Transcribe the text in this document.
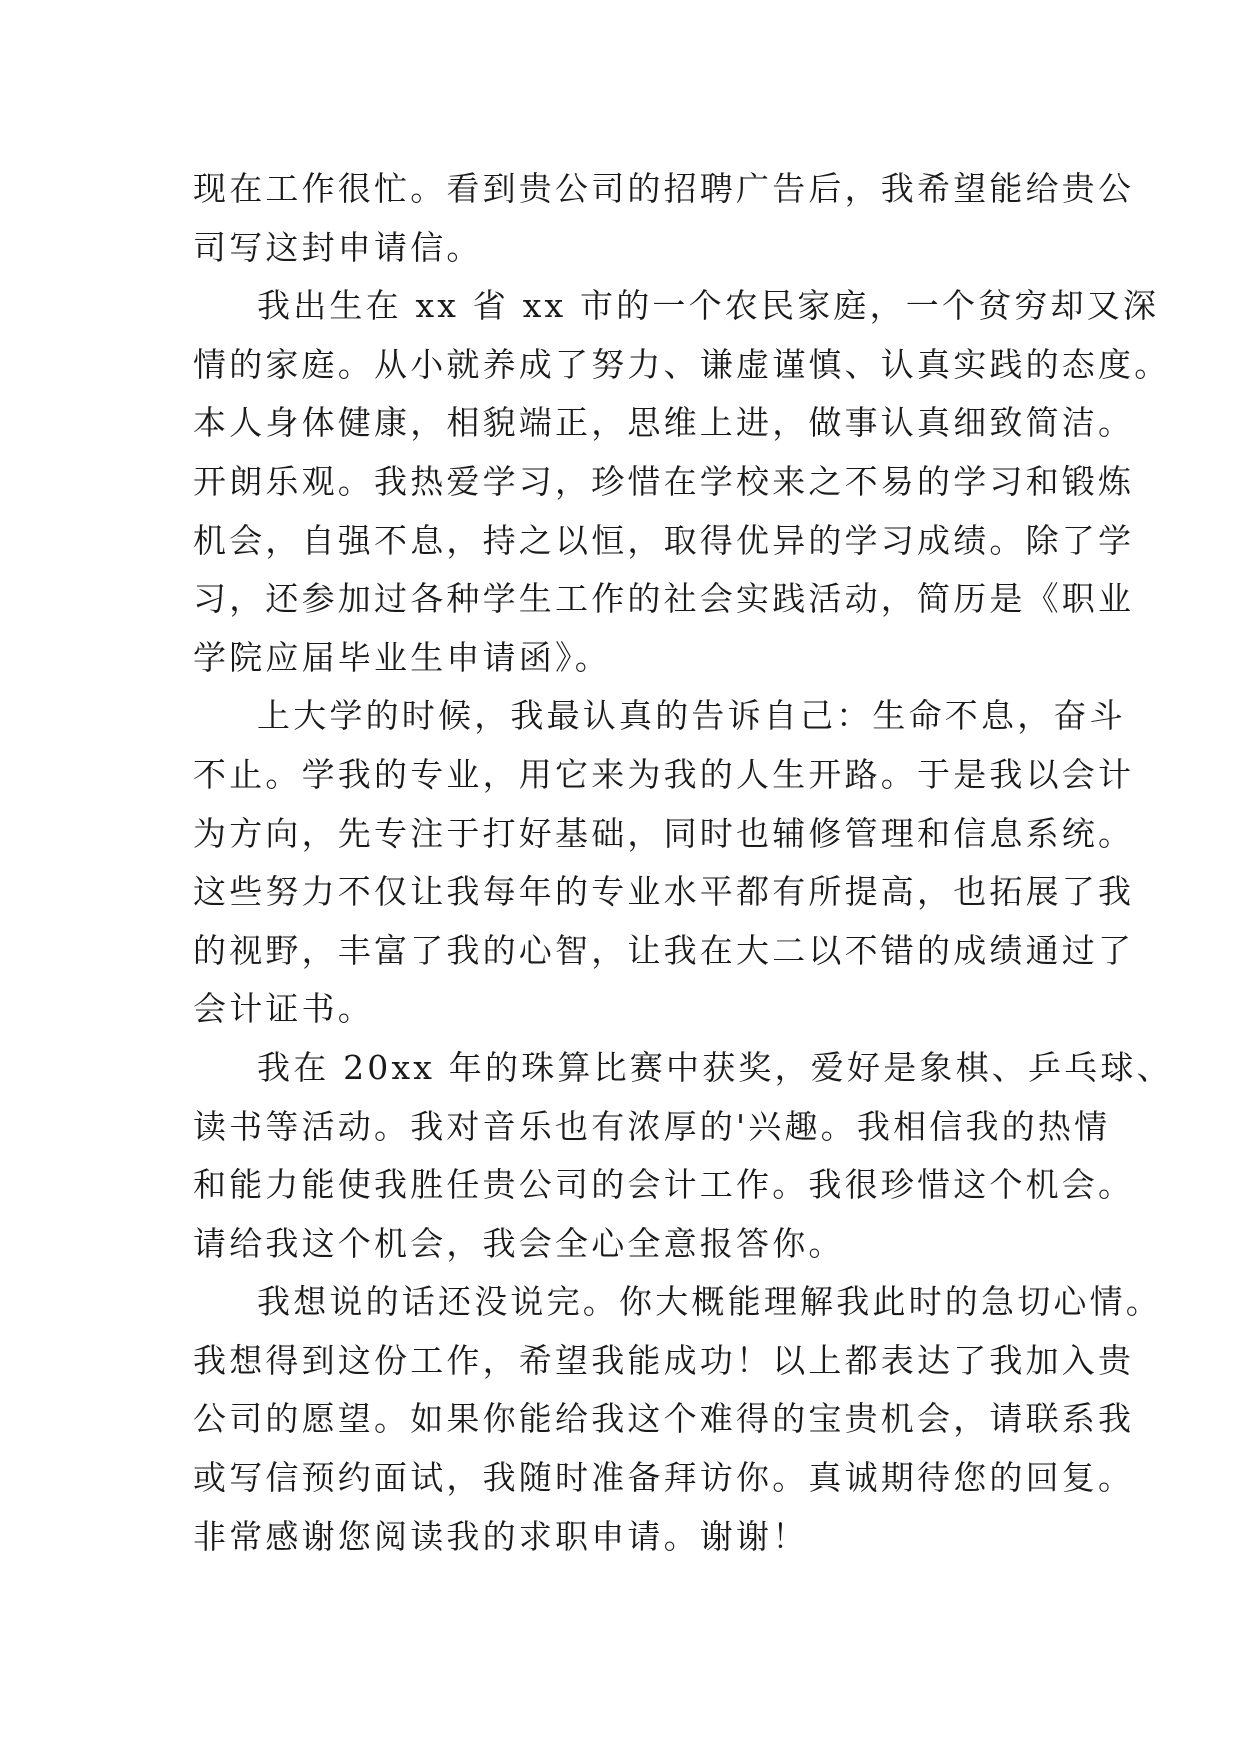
现在工作很忙。看到贵公司的招聘广告后，我希望能给贵公
司写这封申请信。
我出生在 xx 省 xx 市的一个农民家庭，一个贫穷却又深
情的家庭。从小就养成了努力、谦虚谨慎、认真实践的态度。
本人身体健康，相貌端正，思维上进，做事认真细致简洁。
开朗乐观。我热爱学习，珍惜在学校来之不易的学习和锻炼
机会，自强不息，持之以恒，取得优异的学习成绩。除了学
习，还参加过各种学生工作的社会实践活动，简历是《职业
学院应届毕业生申请函》。
上大学的时候，我最认真的告诉自己：生命不息，奋斗
不止。学我的专业，用它来为我的人生开路。于是我以会计
为方向，先专注于打好基础，同时也辅修管理和信息系统。
这些努力不仅让我每年的专业水平都有所提高，也拓展了我
的视野，丰富了我的心智，让我在大二以不错的成绩通过了
会计证书。
我在 20xx 年的珠算比赛中获奖，爱好是象棋、乒乓球、
读书等活动。我对音乐也有浓厚的'兴趣。我相信我的热情
和能力能使我胜任贵公司的会计工作。我很珍惜这个机会。
请给我这个机会，我会全心全意报答你。
我想说的话还没说完。你大概能理解我此时的急切心情。
我想得到这份工作，希望我能成功！以上都表达了我加入贵
公司的愿望。如果你能给我这个难得的宝贵机会，请联系我
或写信预约面试，我随时准备拜访你。真诚期待您的回复。
非常感谢您阅读我的求职申请。谢谢！
